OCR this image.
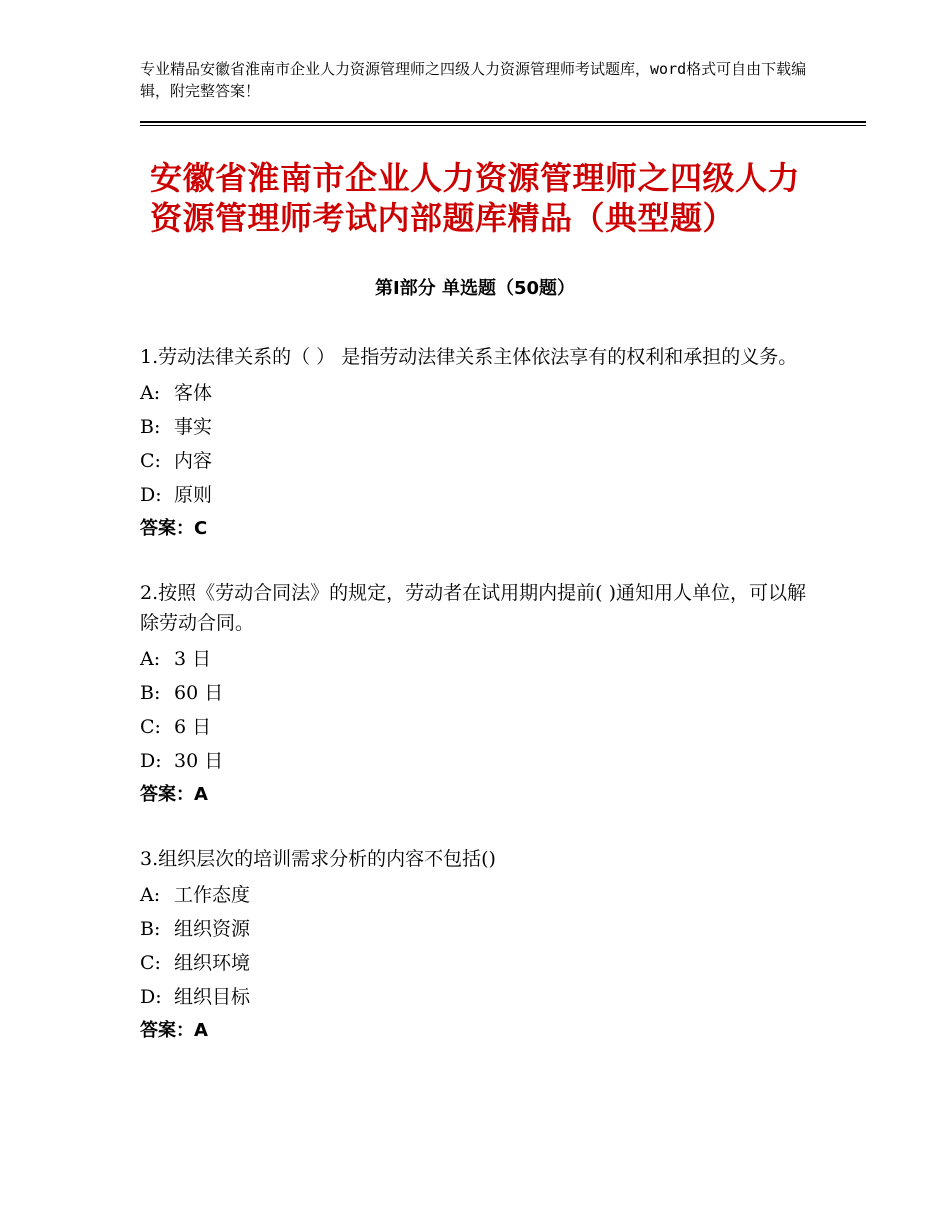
专业精品安徽省淮南市企业人力资源管理师之四级人力资源管理师考试题库，word格式可自由下载编辑，附完整答案！
安徽省淮南市企业人力资源管理师之四级人力资源管理师考试内部题库精品（典型题）
第Ⅰ部分 单选题（50题）

1.劳动法律关系的（ ） 是指劳动法律关系主体依法享有的权利和承担的义务。

A: 客体

B: 事实

C: 内容

D: 原则

答案：C

2.按照《劳动合同法》的规定，劳动者在试用期内提前( )通知用人单位，可以解除劳动合同。

A: 3 日

B: 60 日

C: 6 日

D: 30 日

答案：A

3.组织层次的培训需求分析的内容不包括()

A: 工作态度

B: 组织资源

C: 组织环境

D: 组织目标

答案：A
